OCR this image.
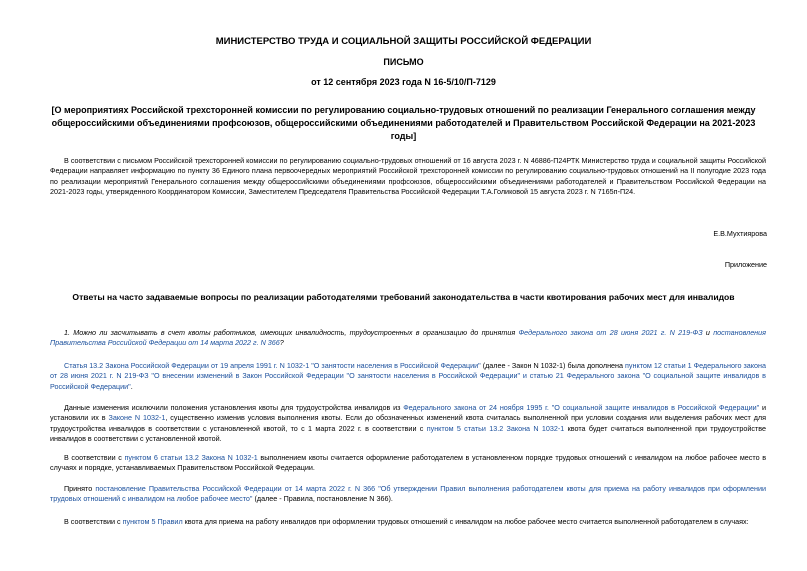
МИНИСТЕРСТВО ТРУДА И СОЦИАЛЬНОЙ ЗАЩИТЫ РОССИЙСКОЙ ФЕДЕРАЦИИ
ПИСЬМО
от 12 сентября 2023 года N 16-5/10/П-7129
[О мероприятиях Российской трехсторонней комиссии по регулированию социально-трудовых отношений по реализации Генерального соглашения между общероссийскими объединениями профсоюзов, общероссийскими объединениями работодателей и Правительством Российской Федерации на 2021-2023 годы]
В соответствии с письмом Российской трехсторонней комиссии по регулированию социально-трудовых отношений от 16 августа 2023 г. N 46886-П24РТК Министерство труда и социальной защиты Российской Федерации направляет информацию по пункту 36 Единого плана первоочередных мероприятий Российской трехсторонней комиссии по регулированию социально-трудовых отношений на II полугодие 2023 года по реализации мероприятий Генерального соглашения между общероссийскими объединениями профсоюзов, общероссийскими объединениями работодателей и Правительством Российской Федерации на 2021-2023 годы, утвержденного Координатором Комиссии, Заместителем Председателя Правительства Российской Федерации Т.А.Голиковой 15 августа 2023 г. N 7165п-П24.
Е.В.Мухтиярова
Приложение
Ответы на часто задаваемые вопросы по реализации работодателями требований законодательства в части квотирования рабочих мест для инвалидов
1. Можно ли засчитывать в счет квоты работников, имеющих инвалидность, трудоустроенных в организацию до принятия Федерального закона от 28 июня 2021 г. N 219-ФЗ и постановления Правительства Российской Федерации от 14 марта 2022 г. N 366?
Статья 13.2 Закона Российской Федерации от 19 апреля 1991 г. N 1032-1 "О занятости населения в Российской Федерации" (далее - Закон N 1032-1) была дополнена пунктом 12 статьи 1 Федерального закона от 28 июня 2021 г. N 219-ФЗ "О внесении изменений в Закон Российской Федерации "О занятости населения в Российской Федерации" и статью 21 Федерального закона "О социальной защите инвалидов в Российской Федерации".
Данные изменения исключили положения установления квоты для трудоустройства инвалидов из Федерального закона от 24 ноября 1995 г. "О социальной защите инвалидов в Российской Федерации" и установили их в Законе N 1032-1, существенно изменив условия выполнения квоты. Если до обозначенных изменений квота считалась выполненной при условии создания или выделения рабочих мест для трудоустройства инвалидов в соответствии с установленной квотой, то с 1 марта 2022 г. в соответствии с пунктом 5 статьи 13.2 Закона N 1032-1 квота будет считаться выполненной при трудоустройстве инвалидов в соответствии с установленной квотой.
В соответствии с пунктом 6 статьи 13.2 Закона N 1032-1 выполнением квоты считается оформление работодателем в установленном порядке трудовых отношений с инвалидом на любое рабочее место в случаях и порядке, устанавливаемых Правительством Российской Федерации.
Принято постановление Правительства Российской Федерации от 14 марта 2022 г. N 366 "Об утверждении Правил выполнения работодателем квоты для приема на работу инвалидов при оформлении трудовых отношений с инвалидом на любое рабочее место" (далее - Правила, постановление N 366).
В соответствии с пунктом 5 Правил квота для приема на работу инвалидов при оформлении трудовых отношений с инвалидом на любое рабочее место считается выполненной работодателем в случаях:
